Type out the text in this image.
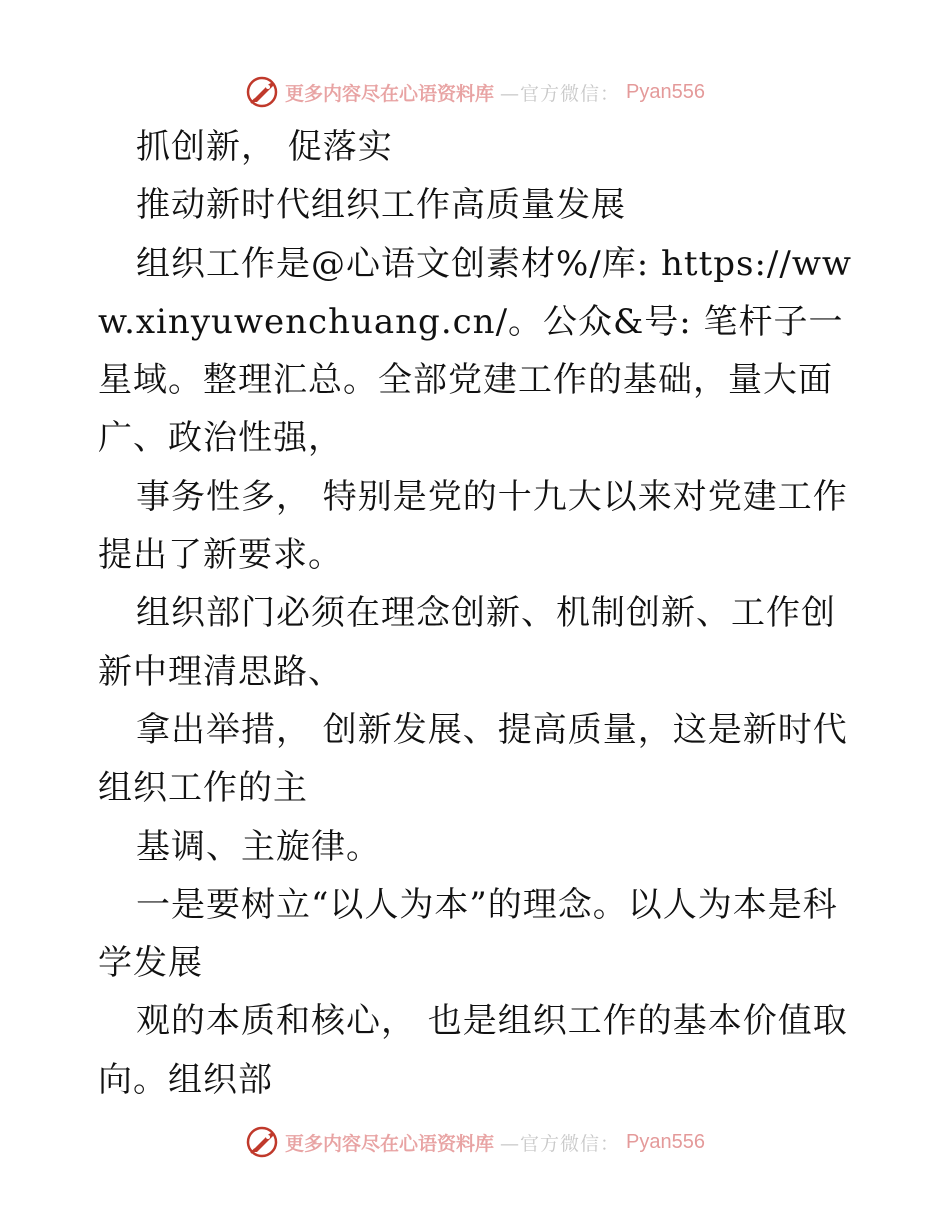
更多内容尽在心语资料库 —官方微信： Pyan556

抓创新， 促落实

推动新时代组织工作高质量发展

组织工作是@心语文创素材%/库: https://www.xinyuwenchuang.cn/。公众&号: 笔杆子一星域。整理汇总。全部党建工作的基础，量大面广、政治性强，

事务性多， 特别是党的十九大以来对党建工作提出了新要求。

组织部门必须在理念创新、机制创新、工作创新中理清思路、

拿出举措， 创新发展、提高质量，这是新时代组织工作的主

基调、主旋律。

一是要树立“以人为本”的理念。以人为本是科学发展

观的本质和核心， 也是组织工作的基本价值取向。组织部

更多内容尽在心语资料库 —官方微信： Pyan556
